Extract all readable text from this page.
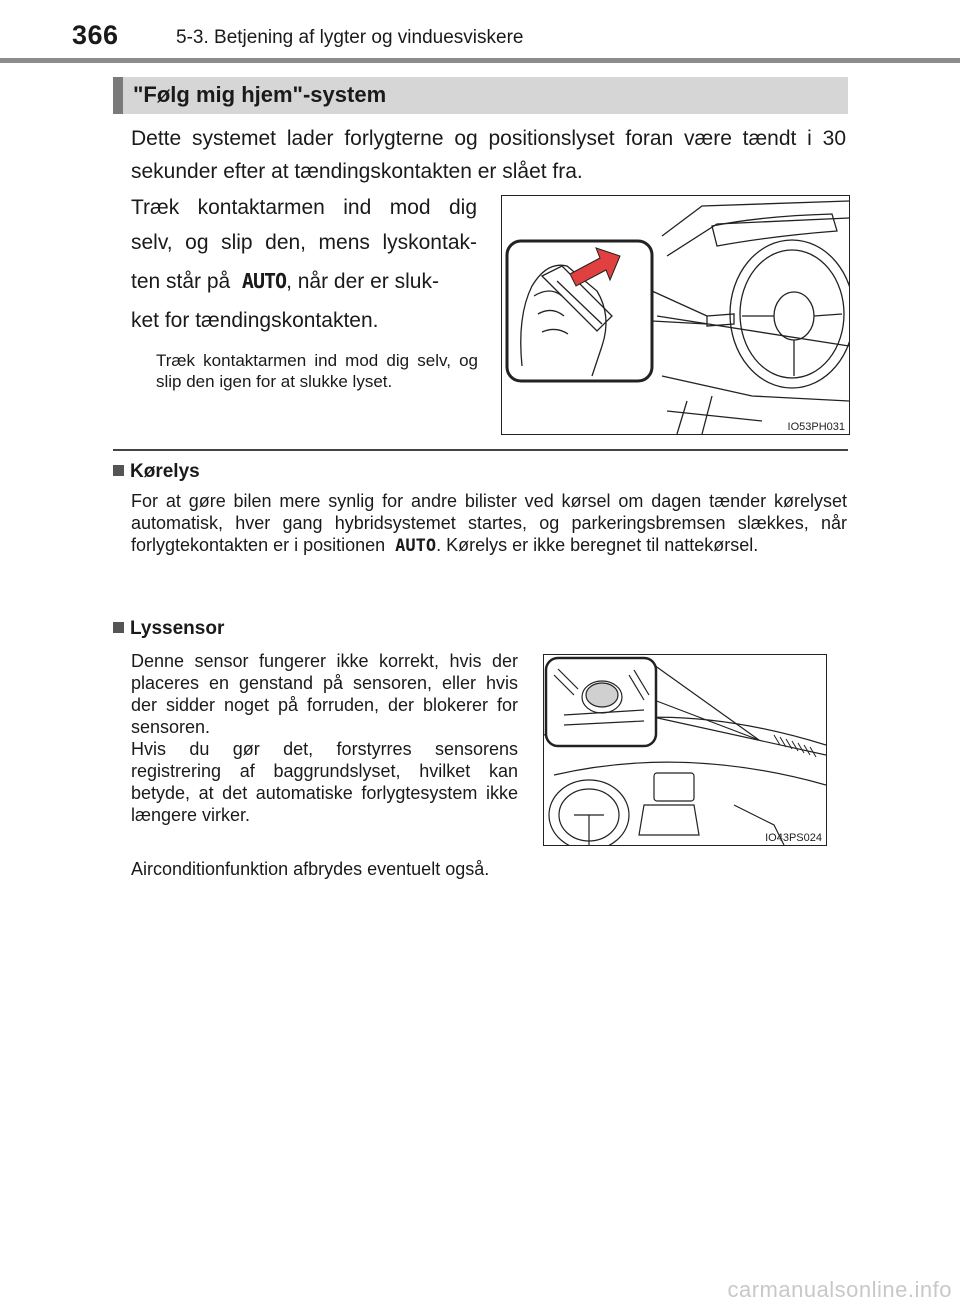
366	5-3. Betjening af lygter og vinduesviskere
"Følg mig hjem"-system
Dette systemet lader forlygterne og positionslyset foran være tændt i 30 sekunder efter at tændingskontakten er slået fra.
Træk kontaktarmen ind mod dig
selv, og slip den, mens lyskontak-
ten står på AUTO, når der er sluk-
ket for tændingskontakten.
Træk kontaktarmen ind mod dig selv, og slip den igen for at slukke lyset.
IO53PH031
Kørelys
For at gøre bilen mere synlig for andre bilister ved kørsel om dagen tænder kørelyset automatisk, hver gang hybridsystemet startes, og parkeringsbremsen slækkes, når forlygtekontakten er i positionen AUTO. Kørelys er ikke beregnet til nattekørsel.
Lyssensor
Denne sensor fungerer ikke korrekt, hvis der placeres en genstand på sensoren, eller hvis der sidder noget på forruden, der blokerer for sensoren.
Hvis du gør det, forstyrres sensorens registrering af baggrundslyset, hvilket kan betyde, at det automatiske forlygtesystem ikke længere virker.
IO43PS024
Airconditionfunktion afbrydes eventuelt også.
carmanualsonline.info
